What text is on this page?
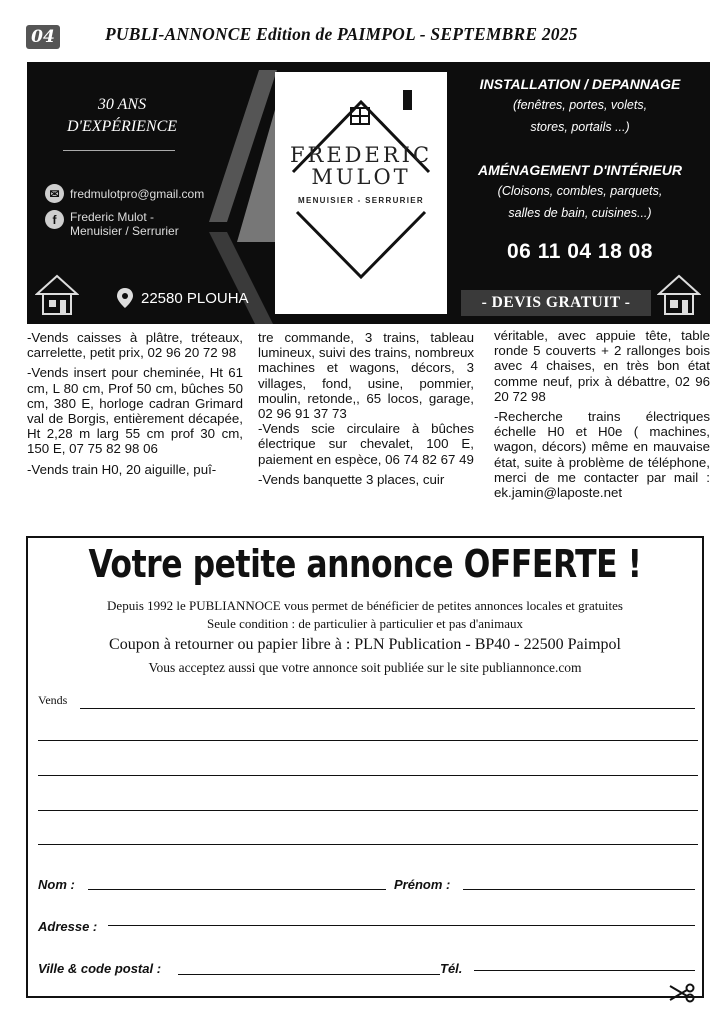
04	PUBLI-ANNONCE Edition de PAIMPOL - SEPTEMBRE 2025
30 ANS
D'EXPÉRIENCE
✉ fredmulotpro@gmail.com
f	Frederic Mulot -
Menuisier / Serrurier
22580 PLOUHA
FREDERIC
MULOT
MENUISIER - SERRURIER
INSTALLATION / DEPANNAGE
(fenêtres, portes, volets,
stores, portails ...)
AMÉNAGEMENT D'INTÉRIEUR
(Cloisons, combles, parquets,
salles de bain, cuisines...)
06 11 04 18 08
- DEVIS GRATUIT -

-Vends caisses à plâtre, tréteaux, carrelette, petit prix, 02 96 20 72 98

-Vends insert pour cheminée, Ht 61 cm, L 80 cm, Prof 50 cm, bûches 50 cm, 380 E, horloge cadran Grimard val de Borgis, entièrement décapée, Ht 2,28 m larg 55 cm prof 30 cm, 150 E, 07 75 82 98 06

-Vends train H0, 20 aiguille, puî-

tre commande, 3 trains, tableau lumineux, suivi des trains, nombreux machines et wagons, décors, 3 villages, fond, usine, pommier, moulin, retonde,, 65 locos, garage, 02 96 91 37 73

-Vends scie circulaire à bûches électrique sur chevalet, 100 E, paiement en espèce, 06 74 82 67 49

-Vends banquette 3 places, cuir

véritable, avec appuie tête, table ronde 5 couverts + 2 rallonges bois avec 4 chaises, en très bon état comme neuf, prix à débattre, 02 96 20 72 98

-Recherche trains électriques échelle H0 et H0e ( machines, wagon, décors) même en mauvaise état, suite à problème de téléphone, merci de me contacter par mail : ek.jamin@laposte.net

Votre petite annonce OFFERTE !
Depuis 1992 le PUBLIANNOCE vous permet de bénéficier de petites annonces locales et gratuites
Seule condition : de particulier à particulier et pas d'animaux
Coupon à retourner ou papier libre à : PLN Publication - BP40 - 22500 Paimpol
Vous acceptez aussi que votre annonce soit publiée sur le site publiannonce.com
Vends
Nom :	Prénom :
Adresse :
Ville & code postal :	Tél.
